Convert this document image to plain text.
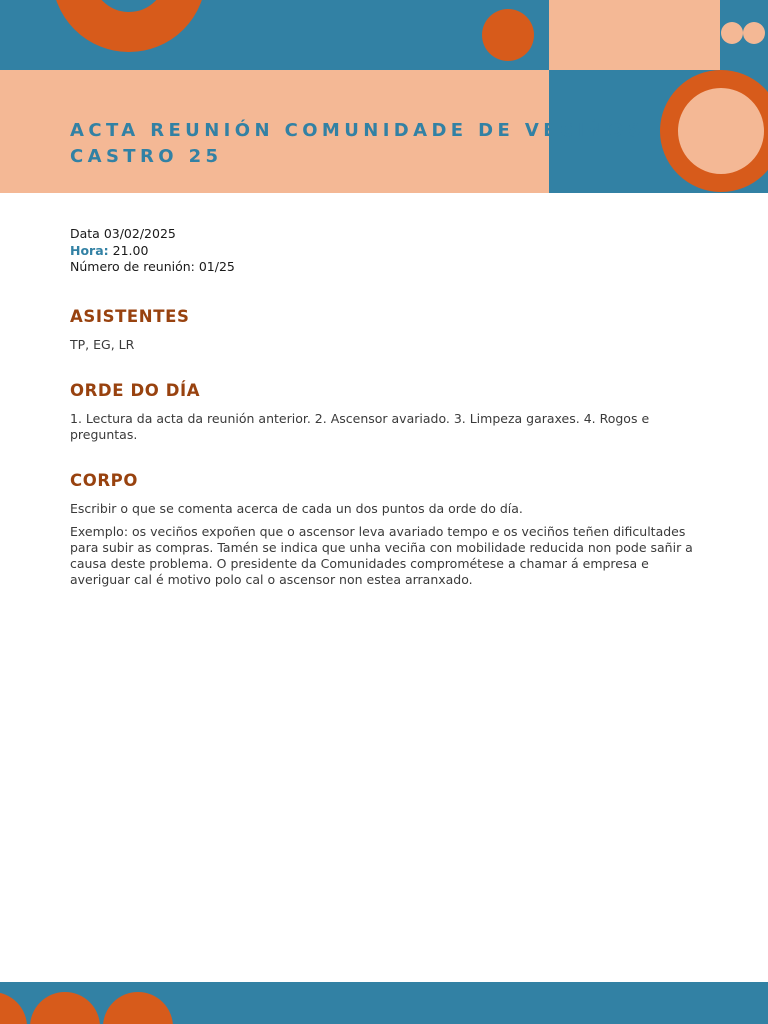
ACTA REUNIÓN COMUNIDADE DE VECIÑOS
CASTRO 25
Data 03/02/2025
Hora: 21.00
Número de reunión: 01/25
ASISTENTES

TP, EG, LR

ORDE DO DÍA

1. Lectura da acta da reunión anterior. 2. Ascensor avariado. 3. Limpeza garaxes. 4. Rogos e preguntas.

CORPO

Escribir o que se comenta acerca de cada un dos puntos da orde do día.

Exemplo: os veciños expoñen que o ascensor leva avariado tempo e os veciños teñen dificultades para subir as compras. Tamén se indica que unha veciña con mobilidade reducida non pode sañir a causa deste problema. O presidente da Comunidades comprométese a chamar á empresa e averiguar cal é motivo polo cal o ascensor non estea arranxado.
